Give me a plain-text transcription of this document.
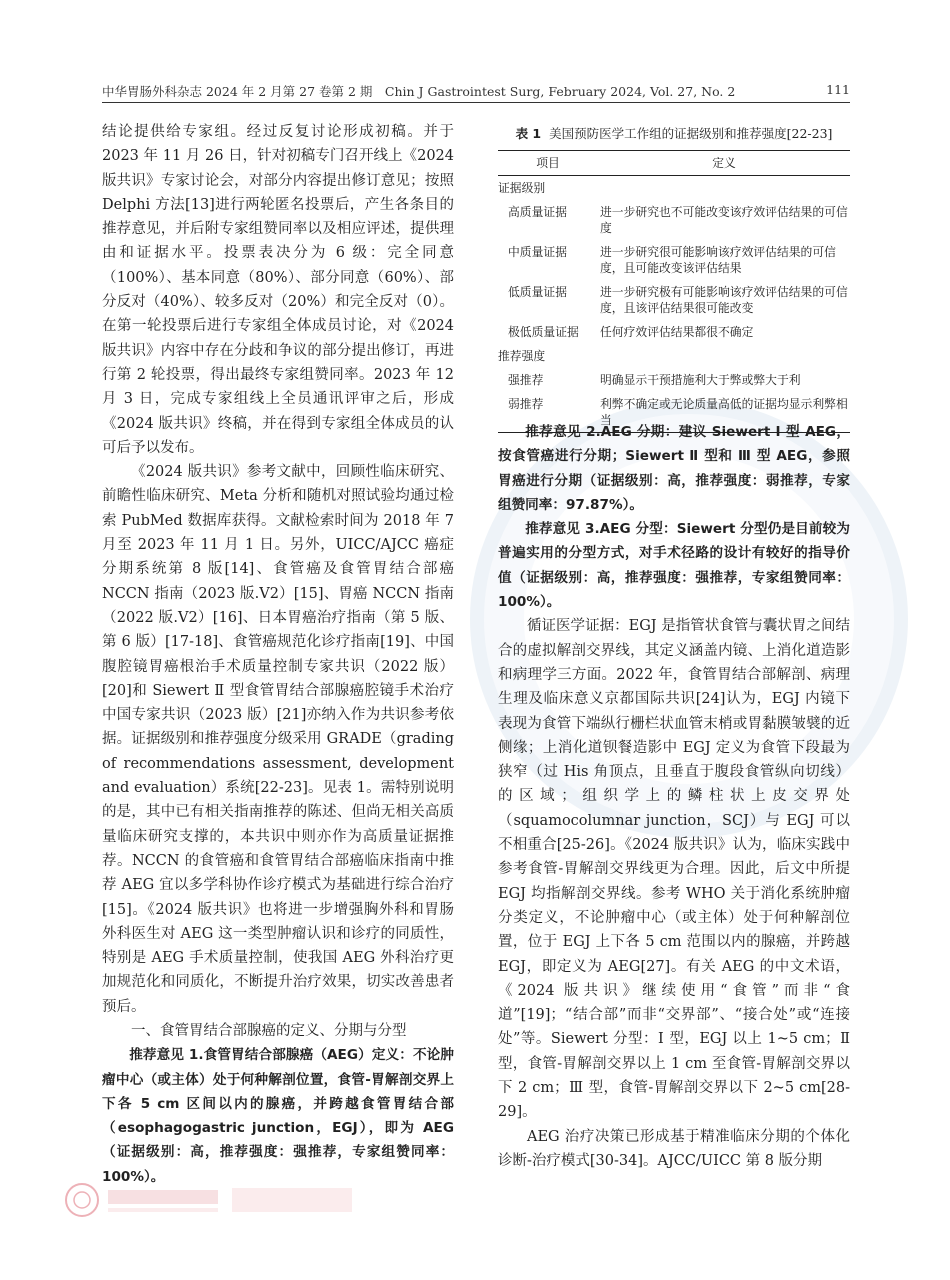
中华胃肠外科杂志 2024 年 2 月第 27 卷第 2 期　Chin J Gastrointest Surg, February 2024, Vol. 27, No. 2	111

结论提供给专家组。经过反复讨论形成初稿。并于 2023 年 11 月 26 日，针对初稿专门召开线上《2024 版共识》专家讨论会，对部分内容提出修订意见；按照 Delphi 方法[13]进行两轮匿名投票后，产生各条目的推荐意见，并后附专家组赞同率以及相应评述，提供理由和证据水平。投票表决分为 6 级：完全同意（100%）、基本同意（80%）、部分同意（60%）、部分反对（40%）、较多反对（20%）和完全反对（0）。在第一轮投票后进行专家组全体成员讨论，对《2024 版共识》内容中存在分歧和争议的部分提出修订，再进行第 2 轮投票，得出最终专家组赞同率。2023 年 12 月 3 日，完成专家组线上全员通讯评审之后，形成《2024 版共识》终稿，并在得到专家组全体成员的认可后予以发布。

《2024 版共识》参考文献中，回顾性临床研究、前瞻性临床研究、Meta 分析和随机对照试验均通过检索 PubMed 数据库获得。文献检索时间为 2018 年 7 月至 2023 年 11 月 1 日。另外，UICC/AJCC 癌症分期系统第 8 版[14]、食管癌及食管胃结合部癌 NCCN 指南（2023 版.V2）[15]、胃癌 NCCN 指南（2022 版.V2）[16]、日本胃癌治疗指南（第 5 版、第 6 版）[17-18]、食管癌规范化诊疗指南[19]、中国腹腔镜胃癌根治手术质量控制专家共识（2022 版）[20]和 Siewert Ⅱ 型食管胃结合部腺癌腔镜手术治疗中国专家共识（2023 版）[21]亦纳入作为共识参考依据。证据级别和推荐强度分级采用 GRADE（grading of recommendations assessment, development and evaluation）系统[22-23]。见表 1。需特别说明的是，其中已有相关指南推荐的陈述、但尚无相关高质量临床研究支撑的，本共识中则亦作为高质量证据推荐。NCCN 的食管癌和食管胃结合部癌临床指南中推荐 AEG 宜以多学科协作诊疗模式为基础进行综合治疗[15]。《2024 版共识》也将进一步增强胸外科和胃肠外科医生对 AEG 这一类型肿瘤认识和诊疗的同质性，特别是 AEG 手术质量控制，使我国 AEG 外科治疗更加规范化和同质化，不断提升治疗效果，切实改善患者预后。

一、食管胃结合部腺癌的定义、分期与分型

推荐意见 1.食管胃结合部腺癌（AEG）定义：不论肿瘤中心（或主体）处于何种解剖位置，食管-胃解剖交界上下各 5 cm 区间以内的腺癌，并跨越食管胃结合部（esophagogastric junction，EGJ），即为 AEG（证据级别：高，推荐强度：强推荐，专家组赞同率：100%）。

表 1 美国预防医学工作组的证据级别和推荐强度[22-23]
项目	定义
证据级别	
高质量证据	进一步研究也不可能改变该疗效评估结果的可信度
中质量证据	进一步研究很可能影响该疗效评估结果的可信度，且可能改变该评估结果
低质量证据	进一步研究极有可能影响该疗效评估结果的可信度，且该评估结果很可能改变
极低质量证据	任何疗效评估结果都很不确定
推荐强度	
强推荐	明确显示干预措施利大于弊或弊大于利
弱推荐	利弊不确定或无论质量高低的证据均显示利弊相当

推荐意见 2.AEG 分期：建议 Siewert Ⅰ 型 AEG，按食管癌进行分期；Siewert Ⅱ 型和 Ⅲ 型 AEG，参照胃癌进行分期（证据级别：高，推荐强度：弱推荐，专家组赞同率：97.87%）。

推荐意见 3.AEG 分型：Siewert 分型仍是目前较为普遍实用的分型方式，对手术径路的设计有较好的指导价值（证据级别：高，推荐强度：强推荐，专家组赞同率：100%）。

循证医学证据：EGJ 是指管状食管与囊状胃之间结合的虚拟解剖交界线，其定义涵盖内镜、上消化道造影和病理学三方面。2022 年，食管胃结合部解剖、病理生理及临床意义京都国际共识[24]认为，EGJ 内镜下表现为食管下端纵行栅栏状血管末梢或胃黏膜皱襞的近侧缘；上消化道钡餐造影中 EGJ 定义为食管下段最为狭窄（过 His 角顶点，且垂直于腹段食管纵向切线）的区域；组织学上的鳞柱状上皮交界处（squamocolumnar junction，SCJ）与 EGJ 可以不相重合[25-26]。《2024 版共识》认为，临床实践中参考食管-胃解剖交界线更为合理。因此，后文中所提 EGJ 均指解剖交界线。参考 WHO 关于消化系统肿瘤分类定义，不论肿瘤中心（或主体）处于何种解剖位置，位于 EGJ 上下各 5 cm 范围以内的腺癌，并跨越 EGJ，即定义为 AEG[27]。有关 AEG 的中文术语，《2024 版共识》继续使用“食管”而非“食道”[19]；“结合部”而非“交界部”、“接合处”或“连接处”等。Siewert 分型：Ⅰ 型，EGJ 以上 1~5 cm；Ⅱ 型，食管-胃解剖交界以上 1 cm 至食管-胃解剖交界以下 2 cm；Ⅲ 型，食管-胃解剖交界以下 2~5 cm[28-29]。

AEG 治疗决策已形成基于精准临床分期的个体化诊断-治疗模式[30-34]。AJCC/UICC 第 8 版分期
